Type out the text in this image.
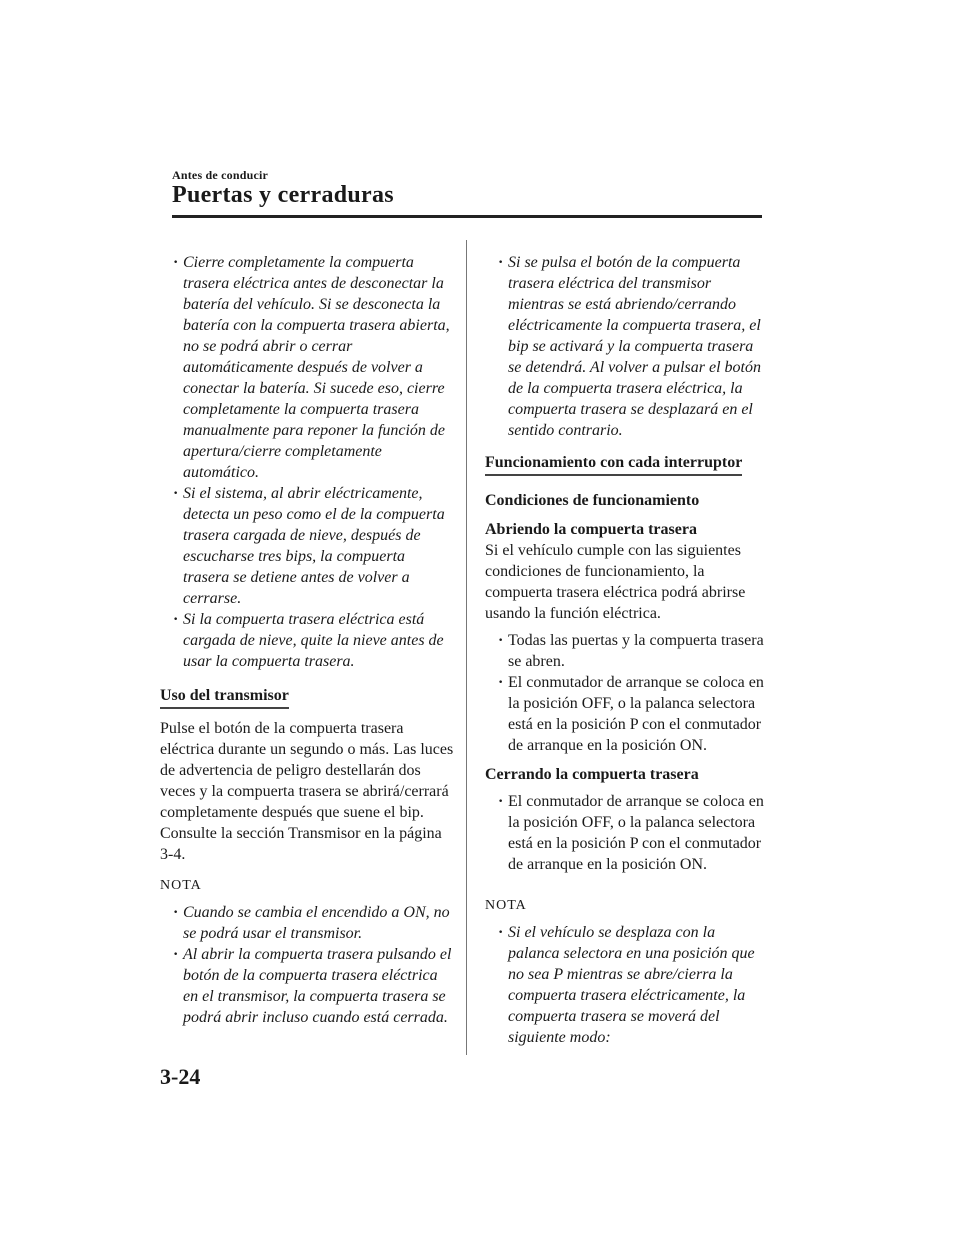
Antes de conducir
Puertas y cerraduras
· Cierre completamente la compuerta trasera eléctrica antes de desconectar la batería del vehículo. Si se desconecta la batería con la compuerta trasera abierta, no se podrá abrir o cerrar automáticamente después de volver a conectar la batería. Si sucede eso, cierre completamente la compuerta trasera manualmente para reponer la función de apertura/cierre completamente automático.
· Si el sistema, al abrir eléctricamente, detecta un peso como el de la compuerta trasera cargada de nieve, después de escucharse tres bips, la compuerta trasera se detiene antes de volver a cerrarse.
· Si la compuerta trasera eléctrica está cargada de nieve, quite la nieve antes de usar la compuerta trasera.
Uso del transmisor

Pulse el botón de la compuerta trasera eléctrica durante un segundo o más. Las luces de advertencia de peligro destellarán dos veces y la compuerta trasera se abrirá/cerrará completamente después que suene el bip.

Consulte la sección Transmisor en la página 3-4.

NOTA
· Cuando se cambia el encendido a ON, no se podrá usar el transmisor.
· Al abrir la compuerta trasera pulsando el botón de la compuerta trasera eléctrica en el transmisor, la compuerta trasera se podrá abrir incluso cuando está cerrada.
· Si se pulsa el botón de la compuerta trasera eléctrica del transmisor mientras se está abriendo/cerrando eléctricamente la compuerta trasera, el bip se activará y la compuerta trasera se detendrá. Al volver a pulsar el botón de la compuerta trasera eléctrica, la compuerta trasera se desplazará en el sentido contrario.
Funcionamiento con cada interruptor
Condiciones de funcionamiento
Abriendo la compuerta trasera

Si el vehículo cumple con las siguientes condiciones de funcionamiento, la compuerta trasera eléctrica podrá abrirse usando la función eléctrica.

· Todas las puertas y la compuerta trasera se abren.
· El conmutador de arranque se coloca en la posición OFF, o la palanca selectora está en la posición P con el conmutador de arranque en la posición ON.
Cerrando la compuerta trasera
· El conmutador de arranque se coloca en la posición OFF, o la palanca selectora está en la posición P con el conmutador de arranque en la posición ON.
NOTA
· Si el vehículo se desplaza con la palanca selectora en una posición que no sea P mientras se abre/cierra la compuerta trasera eléctricamente, la compuerta trasera se moverá del siguiente modo:
3-24
